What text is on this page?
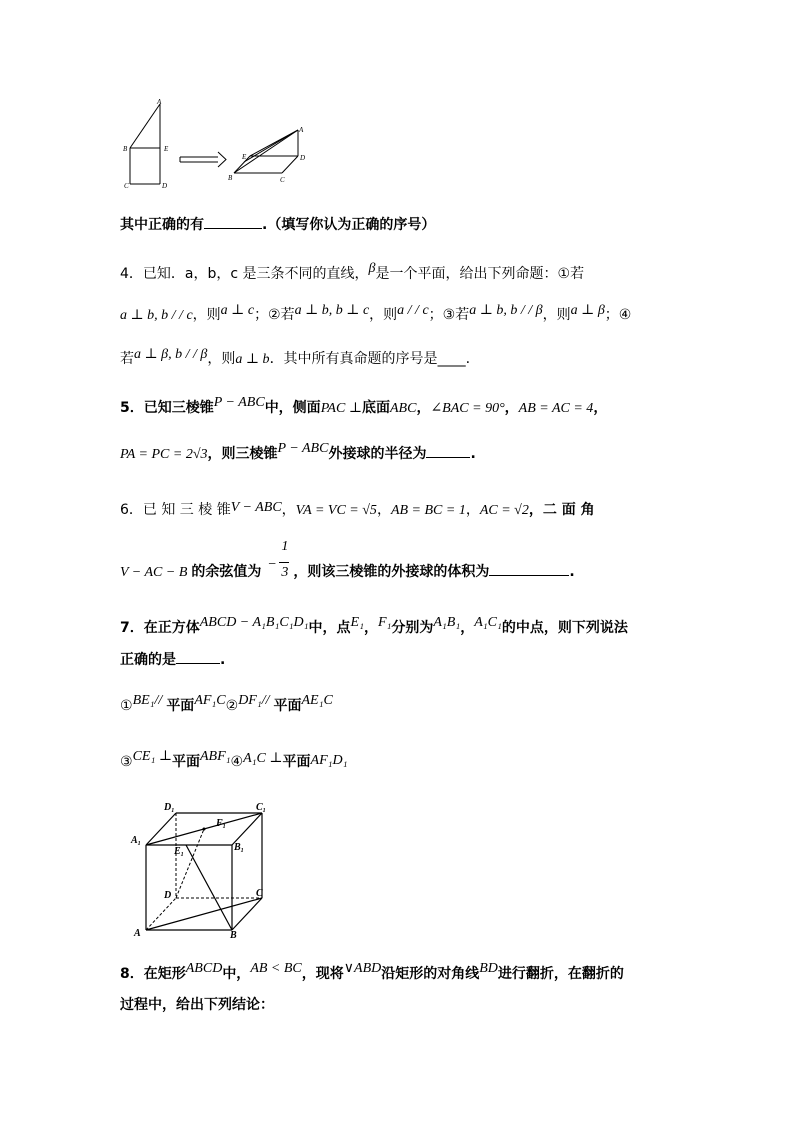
A
B	E
C	D
A
E	D
B	C
其中正确的有	.（填写你认为正确的序号）
4．已知．a，b，c 是三条不同的直线，β是一个平面，给出下列命题：①若
a ⊥ b, b / / c，则a ⊥ c；②若a ⊥ b, b ⊥ c，则a / / c；③若a ⊥ b, b / / β，则a ⊥ β；④
若a ⊥ β, b / / β，则a ⊥ b．其中所有真命题的序号是____.
5．已知三棱锥P − ABC中，侧面PAC ⊥底面ABC，∠BAC = 90°，AB = AC = 4，
PA = PC = 2√3，则三棱锥P − ABC外接球的半径为	.
6．已 知 三 棱 锥V − ABC，VA = VC = √5，AB = BC = 1，AC = √2，二 面 角
V − AC − B 的余弦值为 −
1
3 ，则该三棱锥的外接球的体积为	.
7．在正方体ABCD − A₁B₁C₁D₁中，点E₁，F₁分别为A₁B₁，A₁C₁的中点，则下列说法
正确的是	.
①BE₁// 平面AF₁C②DF₁// 平面AE₁C
③CE₁ ⊥平面ABF₁④A₁C ⊥平面AF₁D₁
$D_1$	$C_1$
$A_1$	$B_1$
$F_1$
$E_1$
D	C
A	B
8．在矩形ABCD中，AB < BC，现将∨ABD沿矩形的对角线BD进行翻折，在翻折的
过程中，给出下列结论：
